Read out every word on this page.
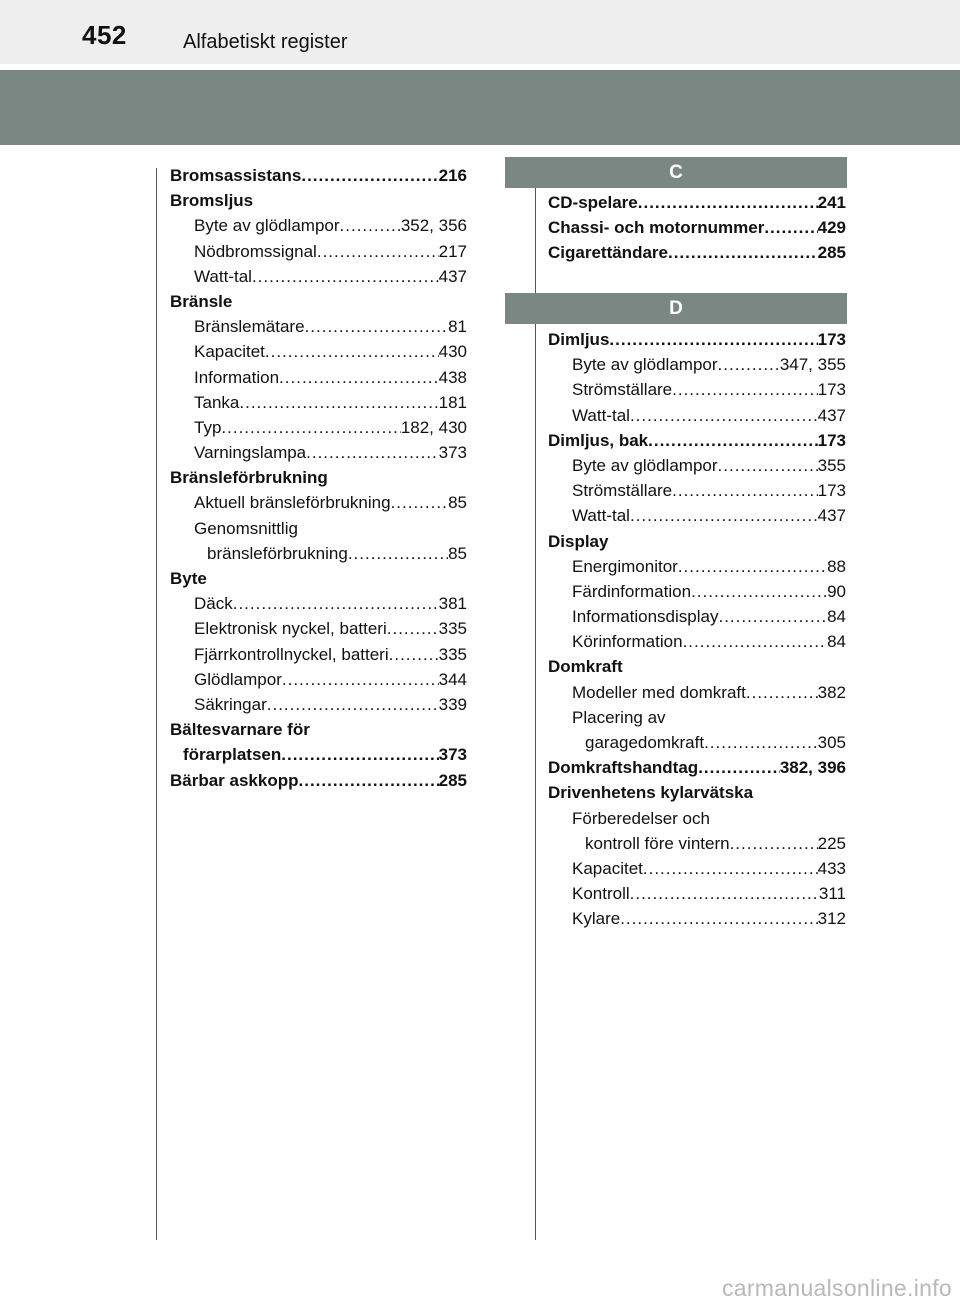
452	Alfabetiskt register
Bromsassistans .....	216
Bromsljus
Byte av glödlampor .....	352, 356
Nödbromssignal .....	217
Watt-tal .....	437
Bränsle
Bränslemätare .....	81
Kapacitet .....	430
Information .....	438
Tanka .....	181
Typ .....	182, 430
Varningslampa .....	373
Bränsleförbrukning
Aktuell bränsleförbrukning .....	85
Genomsnittlig
bränsleförbrukning .....	85
Byte
Däck .....	381
Elektronisk nyckel, batteri .....	335
Fjärrkontrollnyckel, batteri .....	335
Glödlampor .....	344
Säkringar .....	339
Bältesvarnare för
förarplatsen .....	373
Bärbar askkopp .....	285
C
CD-spelare .....	241
Chassi- och motornummer .....	429
Cigarettändare .....	285
D
Dimljus .....	173
Byte av glödlampor .....	347, 355
Strömställare .....	173
Watt-tal .....	437
Dimljus, bak .....	173
Byte av glödlampor .....	355
Strömställare .....	173
Watt-tal .....	437
Display
Energimonitor .....	88
Färdinformation .....	90
Informationsdisplay .....	84
Körinformation .....	84
Domkraft
Modeller med domkraft .....	382
Placering av
garagedomkraft .....	305
Domkraftshandtag .....	382, 396
Drivenhetens kylarvätska
Förberedelser och
kontroll före vintern .....	225
Kapacitet .....	433
Kontroll .....	311
Kylare .....	312
carmanualsonline.info
